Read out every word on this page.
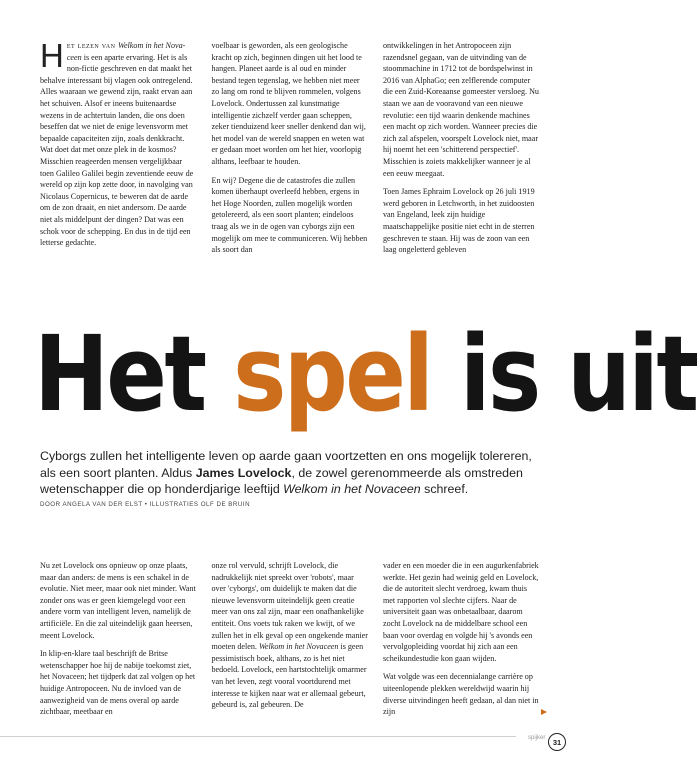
Het lezen van Welkom in het Nova-ceen is een aparte ervaring. Het is als non-fictie geschreven en dat maakt het behalve interessant bij vlagen ook ontregelend. Alles waaraan we gewend zijn, raakt ervan aan het schuiven. Alsof er ineens buitenaardse wezens in de achtertuin landen, die ons doen beseffen dat we niet de enige levensvorm met bepaalde capaciteiten zijn, zoals denkkracht. Wat doet dat met onze plek in de kosmos? Misschien reageerden mensen vergelijkbaar toen Galileo Galilei begin zeventiende eeuw de wereld op zijn kop zette door, in navolging van Nicolaus Copernicus, te beweren dat de aarde om de zon draait, en niet andersom. De aarde niet als middelpunt der dingen? Dat was een schok voor de schepping. En dus in de tijd een letterse gedachte.

voelbaar is geworden, als een geologische kracht op zich, beginnen dingen uit het lood te hangen. Planeet aarde is al oud en minder bestand tegen tegenslag, we hebben niet meer zo lang om rond te blijven rommelen, volgens Lovelock. Ondertussen zal kunstmatige intelligentie zichzelf verder gaan scheppen, zeker tienduizend keer sneller denkend dan wij, het model van de wereld snappen en weten wat er gedaan moet worden om het hier, voorlopig althans, leefbaar te houden.

En wij? Degene die de catastrofes die zullen komen überhaupt overleefd hebben, ergens in het Hoge Noorden, zullen mogelijk worden getolereerd, als een soort planten; eindeloos traag als we in de ogen van cyborgs zijn een mogelijk om mee te communiceren. Wij hebben als soort dan

ontwikkelingen in het Antropoceen zijn razendsnel gegaan, van de uitvinding van de stoommachine in 1712 tot de bordspelwinst in 2016 van AlphaGo; een zelflerende computer die een Zuid-Koreaanse gomeester versloeg. Nu staan we aan de vooravond van een nieuwe revolutie: een tijd waarin denkende machines een macht op zich worden. Wanneer precies die zich zal afspelen, voorspelt Lovelock niet, maar hij noemt het een 'schitterend perspectief'. Misschien is zoiets makkelijker wanneer je al een eeuw meegaat.

Toen James Ephraim Lovelock op 26 juli 1919 werd geboren in Letchworth, in het zuidoosten van Engeland, leek zijn huidige maatschappelijke positie niet echt in de sterren geschreven te staan. Hij was de zoon van een laag ongeletterd gebleven

Het spel is uit
Cyborgs zullen het intelligente leven op aarde gaan voortzetten en ons mogelijk tolereren, als een soort planten. Aldus James Lovelock, de zowel gerenommeerde als omstreden wetenschapper die op honderdjarige leeftijd Welkom in het Novaceen schreef.
DOOR ANGELA VAN DER ELST • ILLUSTRATIES OLF DE BRUIN

Nu zet Lovelock ons opnieuw op onze plaats, maar dan anders: de mens is een schakel in de evolutie. Niet meer, maar ook niet minder. Want zonder ons was er geen kiemgelegd voor een andere vorm van intelligent leven, namelijk de artificiële. En die zal uiteindelijk gaan heersen, meent Lovelock.

In klip-en-klare taal beschrijft de Britse wetenschapper hoe hij de nabije toekomst ziet, het Novaceen; het tijdperk dat zal volgen op het huidige Antropoceen. Nu de invloed van de aanwezigheid van de mens overal op aarde zichtbaar, meetbaar en

onze rol vervuld, schrijft Lovelock, die nadrukkelijk niet spreekt over 'robots', maar over 'cyborgs', om duidelijk te maken dat die nieuwe levensvorm uiteindelijk geen creatie meer van ons zal zijn, maar een onafhankelijke entiteit. Ons voets tuk raken we kwijt, of we zullen het in elk geval op een ongekende manier moeten delen. Welkom in het Novaceen is geen pessimistisch boek, althans, zo is het niet bedoeld. Lovelock, een hartstochtelijk omarmer van het leven, zegt vooral voortdurend met interesse te kijken naar wat er allemaal gebeurt, gebeurd is, zal gebeuren. De

vader en een moeder die in een augurkenfabriek werkte. Het gezin had weinig geld en Lovelock, die de autoriteit slecht verdroeg, kwam thuis met rapporten vol slechte cijfers. Naar de universiteit gaan was onbetaalbaar, daarom zocht Lovelock na de middelbare school een baan voor overdag en volgde hij 's avonds een vervolgopleiding voordat hij zich aan een scheikundestudie kon gaan wijden.

Wat volgde was een decennialange carrière op uiteenlopende plekken wereldwijd waarin hij diverse uitvindingen heeft gedaan, al dan niet in zijn

spijker 31
